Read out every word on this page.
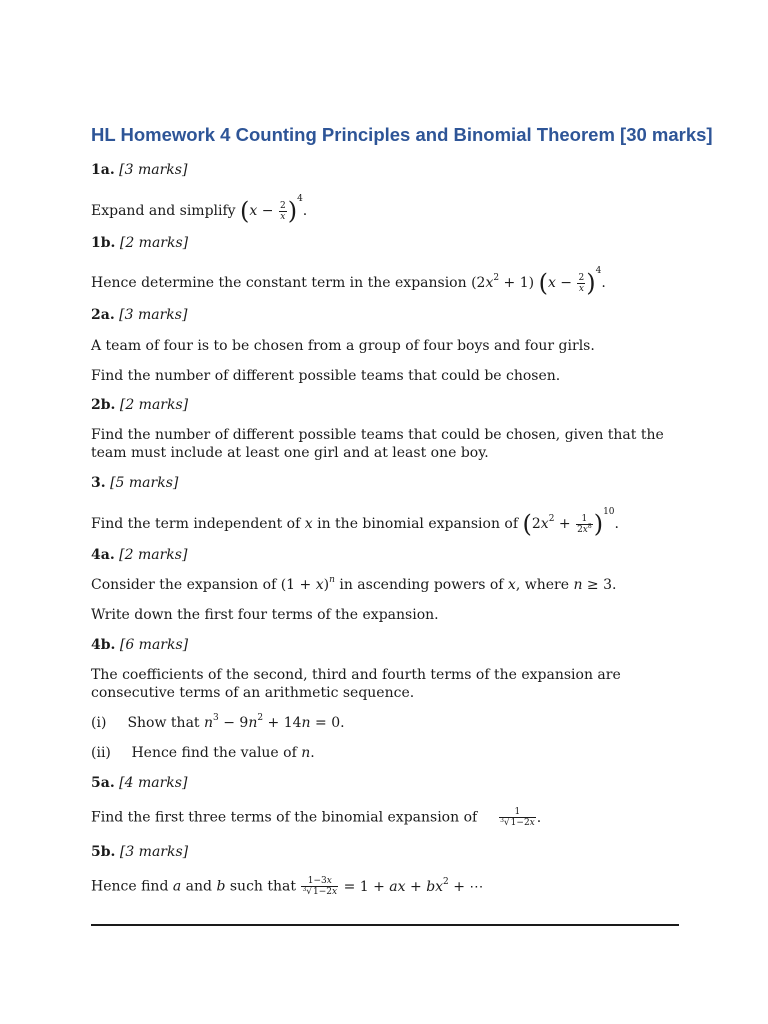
HL Homework 4 Counting Principles and Binomial Theorem [30 marks]
1a. [3 marks]
Expand and simplify $(x - \frac{2}{x} )^4$.
1b. [2 marks]
Hence determine the constant term in the expansion $(2x^2 + 1) (x - \frac{2}{x} )^4$.
2a. [3 marks]
A team of four is to be chosen from a group of four boys and four girls.
Find the number of different possible teams that could be chosen.
2b. [2 marks]
Find the number of different possible teams that could be chosen, given that the team must include at least one girl and at least one boy.
3. [5 marks]
Find the term independent of x in the binomial expansion of $(2x^2 + \frac{1}{2x^8} )^{10}$.
4a. [2 marks]
Consider the expansion of $(1 + x)^n$ in ascending powers of x, where n ≥ 3.
Write down the first four terms of the expansion.
4b. [6 marks]
The coefficients of the second, third and fourth terms of the expansion are consecutive terms of an arithmetic sequence.
(i) Show that $n^3 - 9n^2 + 14n = 0$.
(ii) Hence find the value of n.
5a. [4 marks]
Find the first three terms of the binomial expansion of $\frac{1}{^3√1-2x}$ .
5b. [3 marks]
Hence find a and b such that $\frac{1-3x}{^3√1-2x} = 1$ + ax + $bx^2$ + ⋯
